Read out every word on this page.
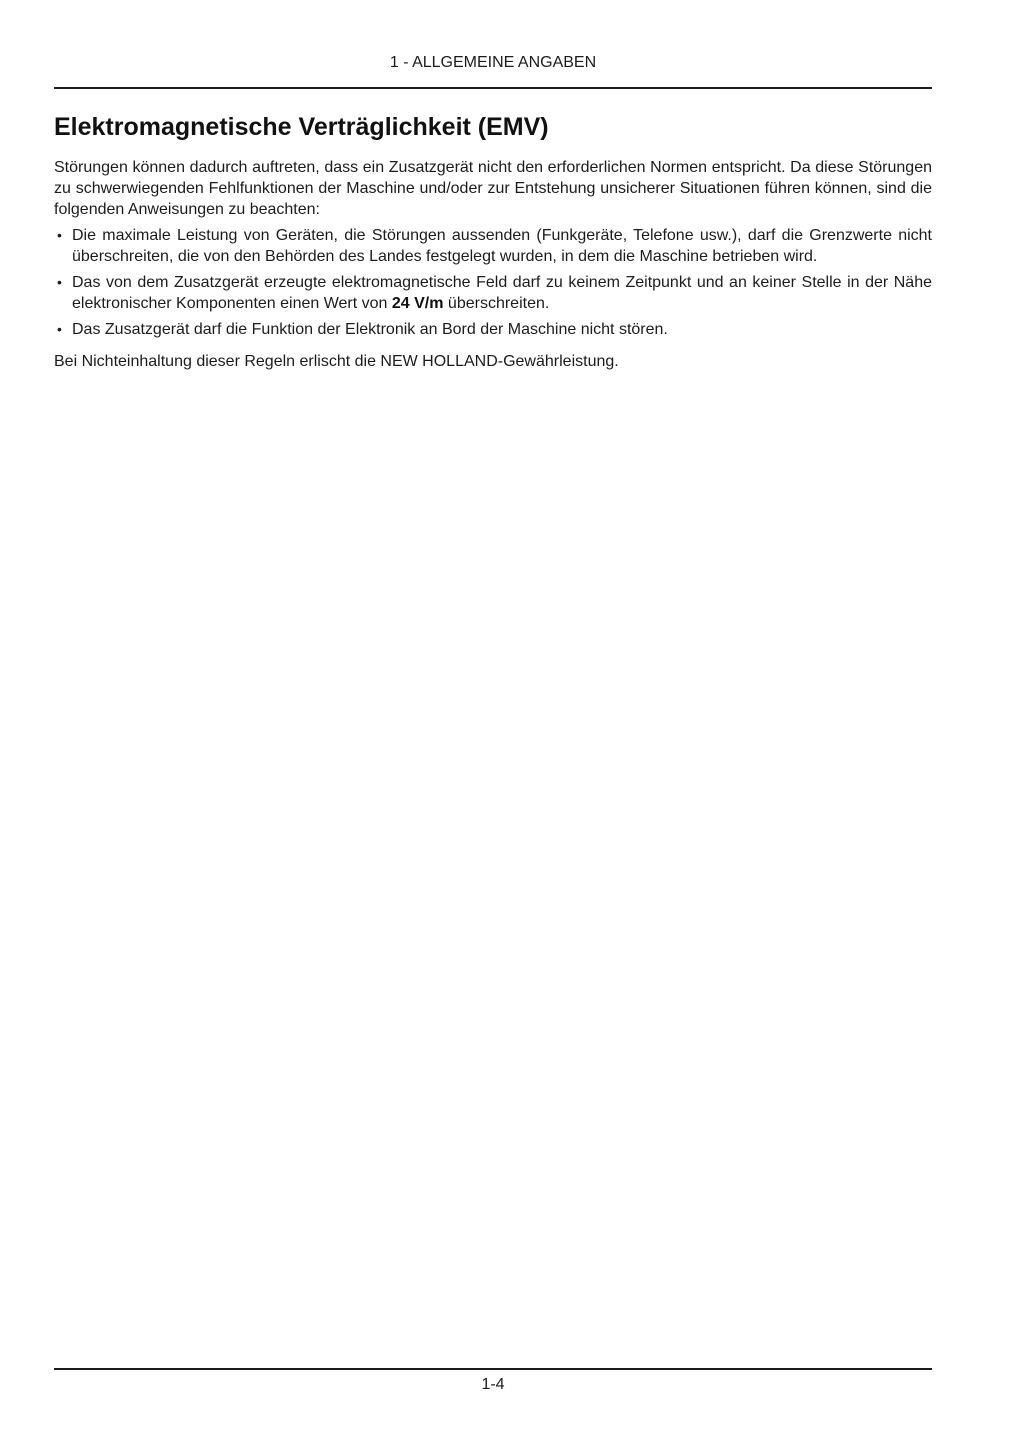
1 - ALLGEMEINE ANGABEN
Elektromagnetische Verträglichkeit (EMV)

Störungen können dadurch auftreten, dass ein Zusatzgerät nicht den erforderlichen Normen entspricht. Da diese Störungen zu schwerwiegenden Fehlfunktionen der Maschine und/oder zur Entstehung unsicherer Situationen führen können, sind die folgenden Anweisungen zu beachten:

• Die maximale Leistung von Geräten, die Störungen aussenden (Funkgeräte, Telefone usw.), darf die Grenzwerte nicht überschreiten, die von den Behörden des Landes festgelegt wurden, in dem die Maschine betrieben wird.
• Das von dem Zusatzgerät erzeugte elektromagnetische Feld darf zu keinem Zeitpunkt und an keiner Stelle in der Nähe elektronischer Komponenten einen Wert von 24 V/m überschreiten.
• Das Zusatzgerät darf die Funktion der Elektronik an Bord der Maschine nicht stören.

Bei Nichteinhaltung dieser Regeln erlischt die NEW HOLLAND-Gewährleistung.

1-4
